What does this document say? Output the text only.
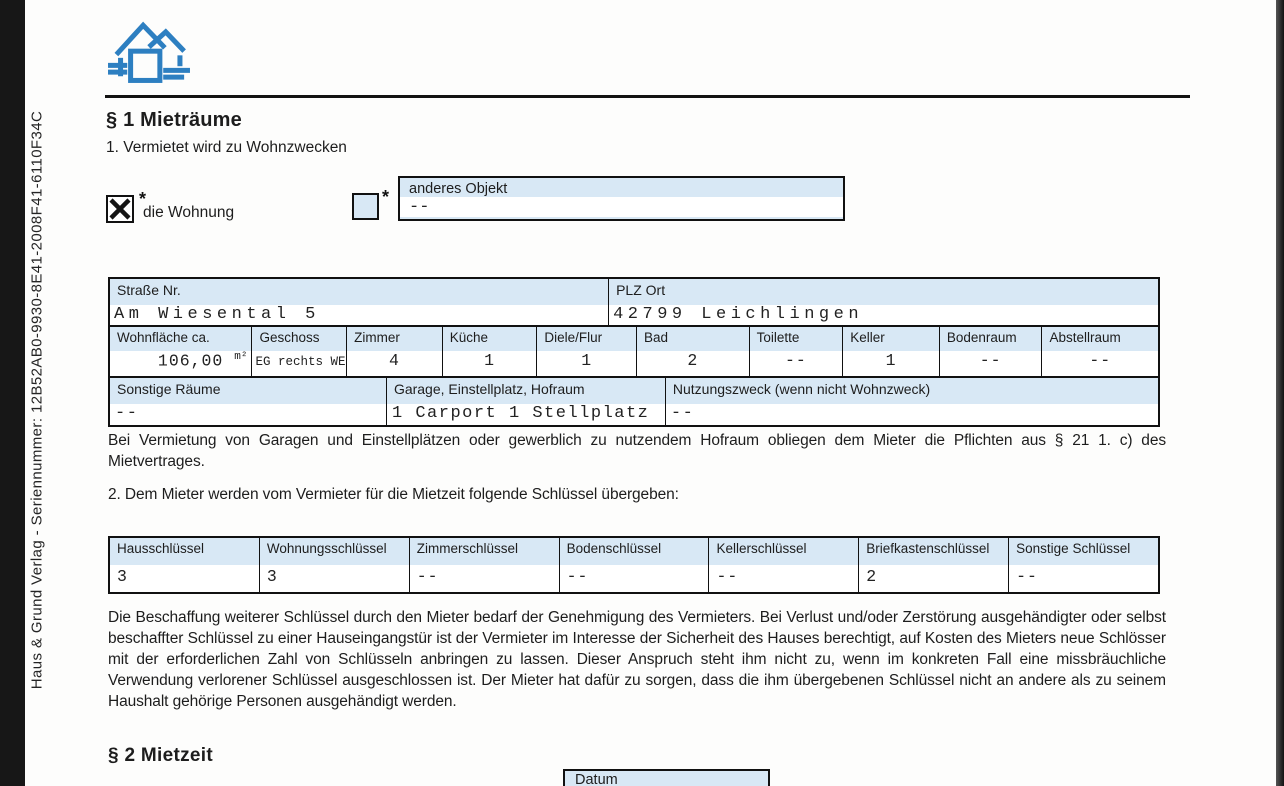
Haus & Grund Verlag - Seriennummer: 12B52AB0-9930-8E41-2008F41-6110F34C	§ 1 Mieträume
1. Vermietet wird zu Wohnzwecken
*
die Wohnung
*	anderes Objekt
--
Straße Nr.
Am Wiesental 5
PLZ Ort
42799 Leichlingen
Wohnfläche ca.
106,00 $^{m^2}$
Geschoss
EG rechts WE
Zimmer
4
Küche
1
Diele/Flur
1
Bad
2
Toilette
--
Keller
1
Bodenraum
--
Abstellraum
--
Sonstige Räume
--
Garage, Einstellplatz, Hofraum
1 Carport 1 Stellplatz
Nutzungszweck (wenn nicht Wohnzweck)
--
Bei Vermietung von Garagen und Einstellplätzen oder gewerblich zu nutzendem Hofraum obliegen dem Mieter die Pflichten aus § 21 1. c) des Mietvertrages.
2. Dem Mieter werden vom Vermieter für die Mietzeit folgende Schlüssel übergeben:
Hausschlüssel
3
Wohnungsschlüssel
3
Zimmerschlüssel
--
Bodenschlüssel
--
Kellerschlüssel
--
Briefkastenschlüssel
2
Sonstige Schlüssel
--
Die Beschaffung weiterer Schlüssel durch den Mieter bedarf der Genehmigung des Vermieters. Bei Verlust und/oder Zerstörung ausgehändigter oder selbst beschaffter Schlüssel zu einer Hauseingangstür ist der Vermieter im Interesse der Sicherheit des Hauses berechtigt, auf Kosten des Mieters neue Schlösser mit der erforderlichen Zahl von Schlüsseln anbringen zu lassen. Dieser Anspruch steht ihm nicht zu, wenn im konkreten Fall eine missbräuchliche Verwendung verlorener Schlüssel ausgeschlossen ist. Der Mieter hat dafür zu sorgen, dass die ihm übergebenen Schlüssel nicht an andere als zu seinem Haushalt gehörige Personen ausgehändigt werden.
§ 2 Mietzeit
Datum
